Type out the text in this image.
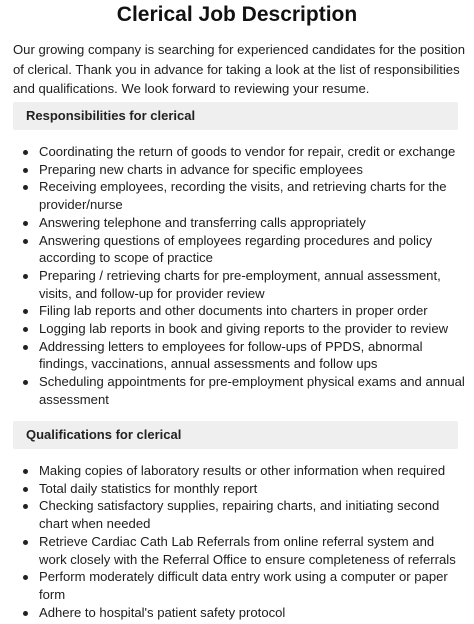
Clerical Job Description

Our growing company is searching for experienced candidates for the position of clerical. Thank you in advance for taking a look at the list of responsibilities and qualifications. We look forward to reviewing your resume.

Responsibilities for clerical
Coordinating the return of goods to vendor for repair, credit or exchange
Preparing new charts in advance for specific employees
Receiving employees, recording the visits, and retrieving charts for the provider/nurse
Answering telephone and transferring calls appropriately
Answering questions of employees regarding procedures and policy according to scope of practice
Preparing / retrieving charts for pre-employment, annual assessment, visits, and follow-up for provider review
Filing lab reports and other documents into charters in proper order
Logging lab reports in book and giving reports to the provider to review
Addressing letters to employees for follow-ups of PPDS, abnormal findings, vaccinations, annual assessments and follow ups
Scheduling appointments for pre-employment physical exams and annual assessment
Qualifications for clerical
Making copies of laboratory results or other information when required
Total daily statistics for monthly report
Checking satisfactory supplies, repairing charts, and initiating second chart when needed
Retrieve Cardiac Cath Lab Referrals from online referral system and work closely with the Referral Office to ensure completeness of referrals
Perform moderately difficult data entry work using a computer or paper form
Adhere to hospital's patient safety protocol
